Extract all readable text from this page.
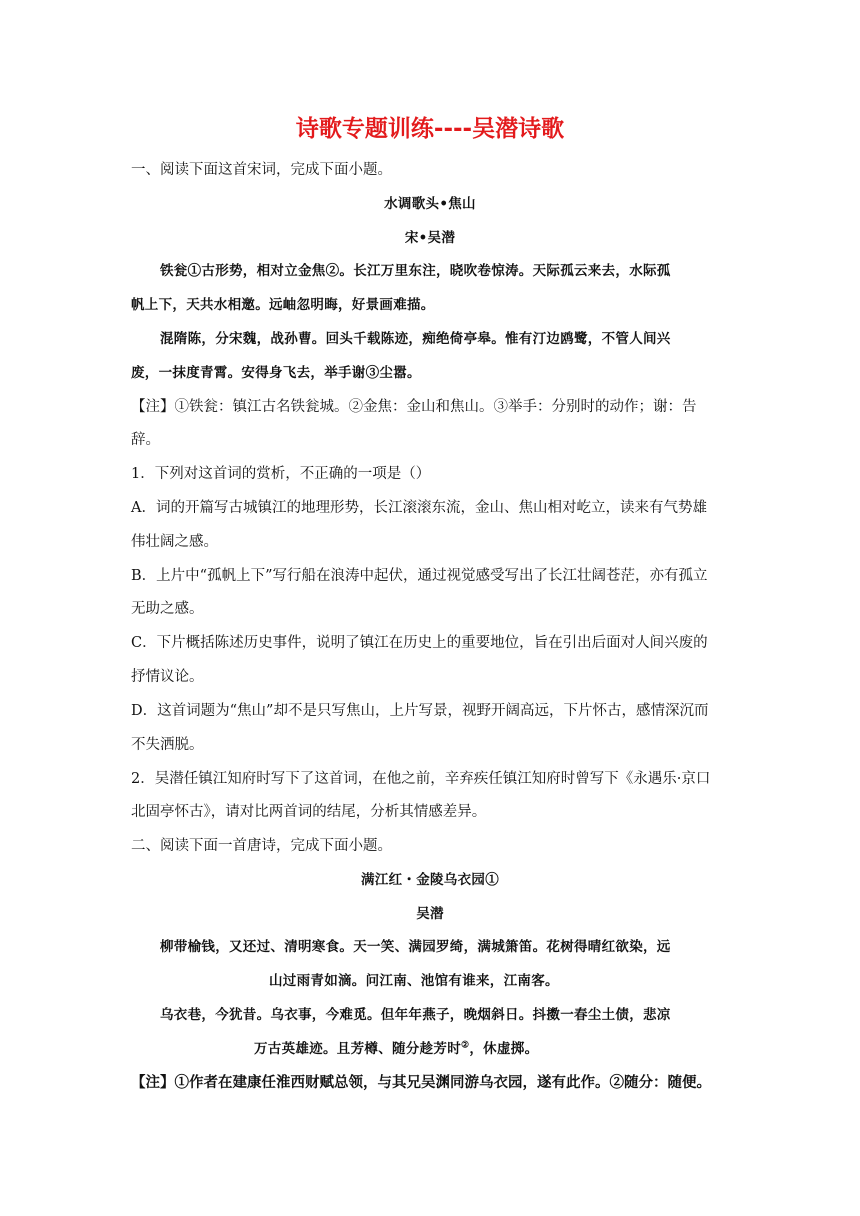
诗歌专题训练----吴潜诗歌
一、阅读下面这首宋词，完成下面小题。
水调歌头•焦山
宋•吴潜
铁瓮①古形势，相对立金焦②。长江万里东注，晓吹卷惊涛。天际孤云来去，水际孤
帆上下，天共水相邀。远岫忽明晦，好景画难描。
混隋陈，分宋魏，战孙曹。回头千载陈迹，痴绝倚亭皋。惟有汀边鸥鹭，不管人间兴
废，一抹度青霄。安得身飞去，举手谢③尘嚣。
【注】①铁瓮：镇江古名铁瓮城。②金焦：金山和焦山。③举手：分别时的动作；谢：告
辞。
1．下列对这首词的赏析，不正确的一项是（）
A．词的开篇写古城镇江的地理形势，长江滚滚东流，金山、焦山相对屹立，读来有气势雄
伟壮阔之感。
B．上片中“孤帆上下”写行船在浪涛中起伏，通过视觉感受写出了长江壮阔苍茫，亦有孤立
无助之感。
C．下片概括陈述历史事件，说明了镇江在历史上的重要地位，旨在引出后面对人间兴废的
抒情议论。
D．这首词题为“焦山”却不是只写焦山，上片写景，视野开阔高远，下片怀古，感情深沉而
不失洒脱。
2．吴潜任镇江知府时写下了这首词，在他之前，辛弃疾任镇江知府时曾写下《永遇乐·京口
北固亭怀古》，请对比两首词的结尾，分析其情感差异。
二、阅读下面一首唐诗，完成下面小题。
满江红・金陵乌衣园①
吴潜
柳带榆钱，又还过、清明寒食。天一笑、满园罗绮，满城箫笛。花树得晴红欲染，远
山过雨青如滴。问江南、池馆有谁来，江南客。
乌衣巷，今犹昔。乌衣事，今难觅。但年年燕子，晚烟斜日。抖擞一春尘土债，悲凉
万古英雄迹。且芳樽、随分趁芳时②，休虚掷。
【注】①作者在建康任淮西财赋总领，与其兄吴渊同游乌衣园，遂有此作。②随分：随便。
